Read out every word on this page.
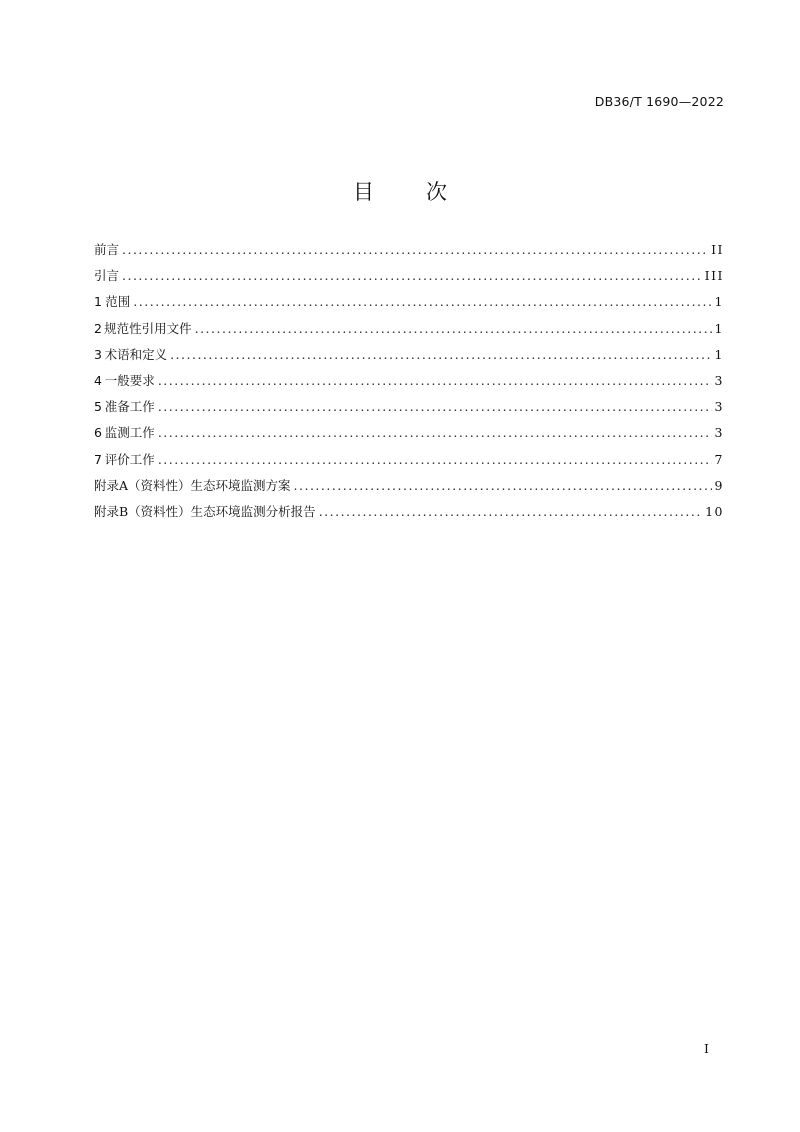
DB36/T 1690—2022
目 次
前言 .....	II
引言 .....	III
1 范围 .....	1
2 规范性引用文件 .....	1
3 术语和定义 .....	1
4 一般要求 .....	3
5 准备工作 .....	3
6 监测工作 .....	3
7 评价工作 .....	7
附录A（资料性）生态环境监测方案 .....	9
附录B（资料性）生态环境监测分析报告 .....	10
I
